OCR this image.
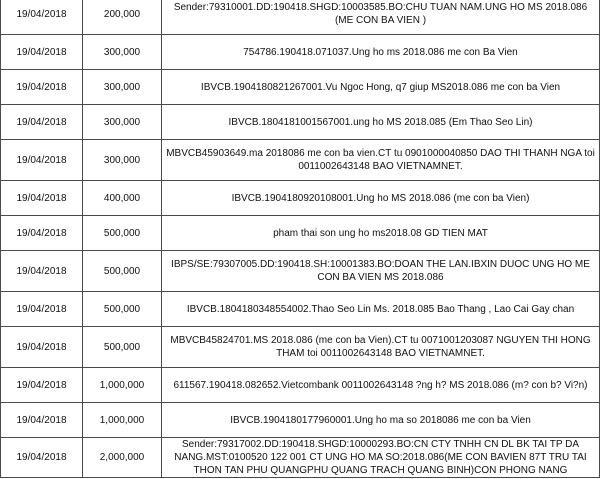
19/04/2018	200,000	Sender:79310001.DD:190418.SHGD:10003585.BO:CHU TUAN NAM.UNG HO MS 2018.086 (ME CON BA VIEN )
19/04/2018	300,000	754786.190418.071037.Ung ho ms 2018.086 me con Ba Vien
19/04/2018	300,000	IBVCB.1904180821267001.Vu Ngoc Hong, q7 giup MS2018.086 me con ba Vien
19/04/2018	300,000	IBVCB.1804181001567001.ung ho MS 2018.085 (Em Thao Seo Lin)
19/04/2018	300,000	MBVCB45903649.ma 2018086 me con ba vien.CT tu 0901000040850 DAO THI THANH NGA toi 0011002643148 BAO VIETNAMNET.
19/04/2018	400,000	IBVCB.1904180920108001.Ung ho MS 2018.086 (me con ba Vien)
19/04/2018	500,000	pham thai son ung ho ms2018.08 GD TIEN MAT
19/04/2018	500,000	IBPS/SE:79307005.DD:190418.SH:10001383.BO:DOAN THE LAN.IBXIN DUOC UNG HO ME CON BA VIEN MS 2018.086
19/04/2018	500,000	IBVCB.1804180348554002.Thao Seo Lin Ms. 2018.085 Bao Thang , Lao Cai Gay chan
19/04/2018	500,000	MBVCB45824701.MS 2018.086 (me con ba Vien).CT tu 0071001203087 NGUYEN THI HONG THAM toi 0011002643148 BAO VIETNAMNET.
19/04/2018	1,000,000	611567.190418.082652.Vietcombank 0011002643148 ?ng h? MS 2018.086 (m? con b? Vi?n)
19/04/2018	1,000,000	IBVCB.1904180177960001.Ung ho ma so 2018086 me con ba Vien
19/04/2018	2,000,000	Sender:79317002.DD:190418.SHGD:10000293.BO:CN CTY TNHH CN DL BK TAI TP DA NANG.MST:0100520 122 001 CT UNG HO MA SO:2018.086(ME CON BAVIEN 87T TRU TAI THON TAN PHU QUANGPHU QUANG TRACH QUANG BINH)CON PHONG NANG
